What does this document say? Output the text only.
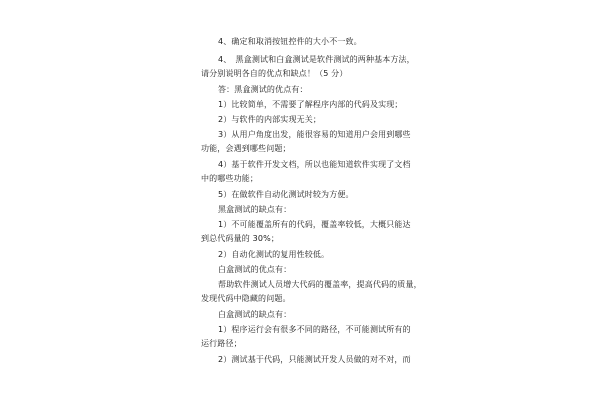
4、确定和取消按钮控件的大小不一致。
4、　黑盒测试和白盒测试是软件测试的两种基本方法，
请分别说明各自的优点和缺点！（5 分）
答：黑盒测试的优点有：
1）比较简单，不需要了解程序内部的代码及实现；
2）与软件的内部实现无关；
3）从用户角度出发，能很容易的知道用户会用到哪些
功能，会遇到哪些问题；
4）基于软件开发文档，所以也能知道软件实现了文档
中的哪些功能；
5）在做软件自动化测试时较为方便。
黑盒测试的缺点有：
1）不可能覆盖所有的代码，覆盖率较低，大概只能达
到总代码量的 30%；
2）自动化测试的复用性较低。
白盒测试的优点有：
帮助软件测试人员增大代码的覆盖率，提高代码的质量，
发现代码中隐藏的问题。
白盒测试的缺点有：
1）程序运行会有很多不同的路径，不可能测试所有的
运行路径；
2）测试基于代码，只能测试开发人员做的对不对，而
